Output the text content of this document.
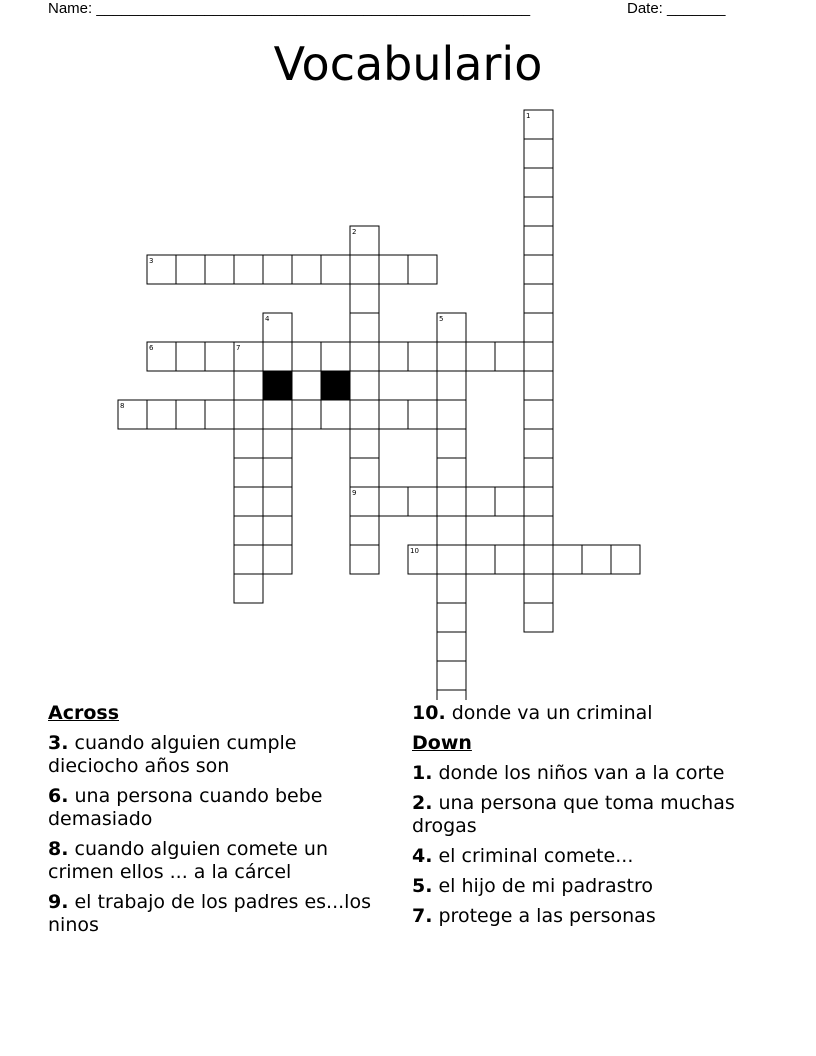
Name: ____________________________________________________	Date: _______
Vocabulario
1
2
3
4	5
6	7
8
9
10
Across
3. cuando alguien cumple dieciocho años son
6. una persona cuando bebe demasiado
8. cuando alguien comete un crimen ellos ... a la cárcel
9. el trabajo de los padres es...los ninos
10. donde va un criminal
Down
1. donde los niños van a la corte
2. una persona que toma muchas drogas
4. el criminal comete...
5. el hijo de mi padrastro
7. protege a las personas
